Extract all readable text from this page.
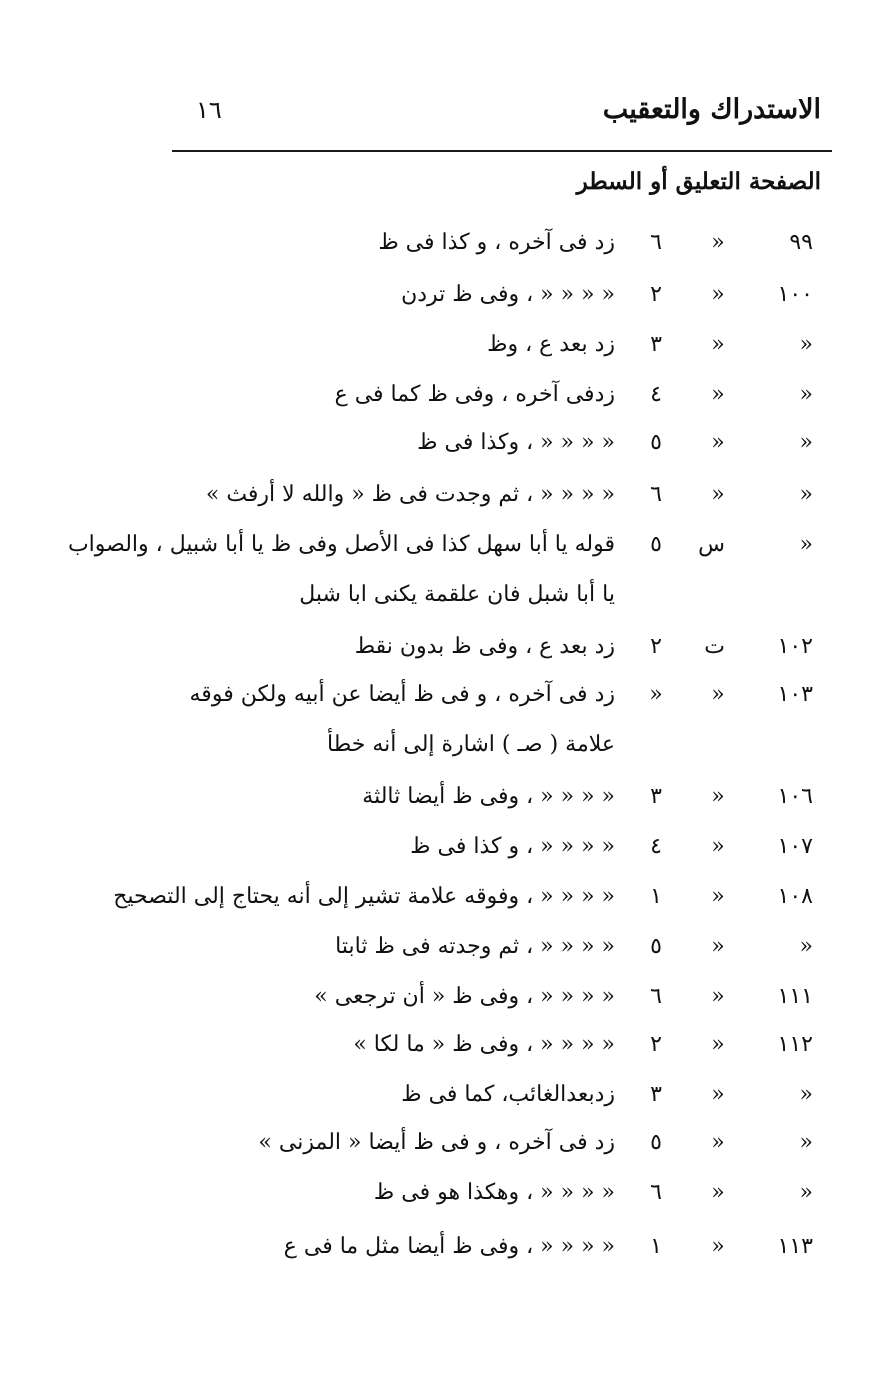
الاستدراك والتعقيب
١٦
الصفحة التعليق أو السطر
٩٩
«
٦
زد فى آخره ، و كذا فى ظ
١٠٠
«
٢
« « « « ، وفى ظ تردن
«
«
٣
زد بعد ع ، وظ
«
«
٤
زدفى آخره ، وفى ظ كما فى ع
«
«
٥
« « « « ، وكذا فى ظ
«
«
٦
« « « « ، ثم وجدت فى ظ « والله لا أرفث »
«
س
٥
قوله يا أبا سهل كذا فى الأصل وفى ظ يا أبا شبيل ، والصواب
يا أبا شبل فان علقمة يكنى ابا شبل
١٠٢
ت
٢
زد بعد ع ، وفى ظ بدون نقط
١٠٣
«
«
زد فى آخره ، و فى ظ أيضا عن أبيه ولكن فوقه
علامة ( صـ ) اشارة إلى أنه خطأ
١٠٦
«
٣
« « « « ، وفى ظ أيضا ثالثة
١٠٧
«
٤
« « « « ، و كذا فى ظ
١٠٨
«
١
« « « « ، وفوقه علامة تشير إلى أنه يحتاج إلى التصحيح
«
«
٥
« « « « ، ثم وجدته فى ظ ثابتا
١١١
«
٦
« « « « ، وفى ظ « أن ترجعى »
١١٢
«
٢
« « « « ، وفى ظ « ما لكا »
«
«
٣
زدبعدالغائب، كما فى ظ
«
«
٥
زد فى آخره ، و فى ظ أيضا « المزنى »
«
«
٦
« « « « ، وهكذا هو فى ظ
١١٣
«
١
« « « « ، وفى ظ أيضا مثل ما فى ع
